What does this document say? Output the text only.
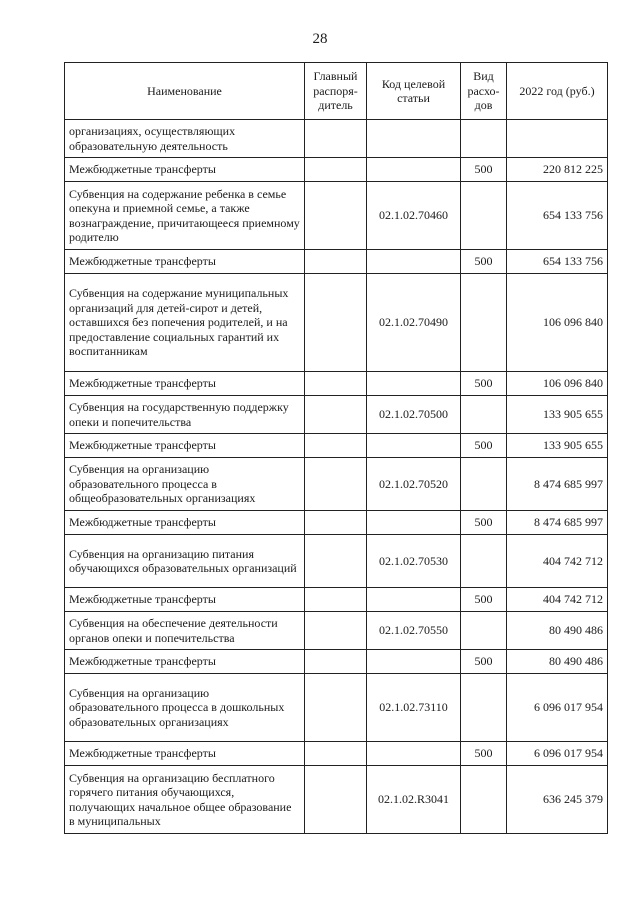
28
Наименование	Главный распоря-дитель	Код целевой статьи	Вид расхо-дов	2022 год (руб.)
организациях, осуществляющих образовательную деятельность				
Межбюджетные трансферты			500	220 812 225
Субвенция на содержание ребенка в семье опекуна и приемной семье, а также вознаграждение, причитающееся приемному родителю		02.1.02.70460		654 133 756
Межбюджетные трансферты			500	654 133 756
Субвенция на содержание муниципальных организаций для детей-сирот и детей, оставшихся без попечения родителей, и на предоставление социальных гарантий их воспитанникам		02.1.02.70490		106 096 840
Межбюджетные трансферты			500	106 096 840
Субвенция на государственную поддержку опеки и попечительства		02.1.02.70500		133 905 655
Межбюджетные трансферты			500	133 905 655
Субвенция на организацию образовательного процесса в общеобразовательных организациях		02.1.02.70520		8 474 685 997
Межбюджетные трансферты			500	8 474 685 997
Субвенция на организацию питания обучающихся образовательных организаций		02.1.02.70530		404 742 712
Межбюджетные трансферты			500	404 742 712
Субвенция на обеспечение деятельности органов опеки и попечительства		02.1.02.70550		80 490 486
Межбюджетные трансферты			500	80 490 486
Субвенция на организацию образовательного процесса в дошкольных образовательных организациях		02.1.02.73110		6 096 017 954
Межбюджетные трансферты			500	6 096 017 954
Субвенция на организацию бесплатного горячего питания обучающихся, получающих начальное общее образование в муниципальных		02.1.02.R3041		636 245 379
